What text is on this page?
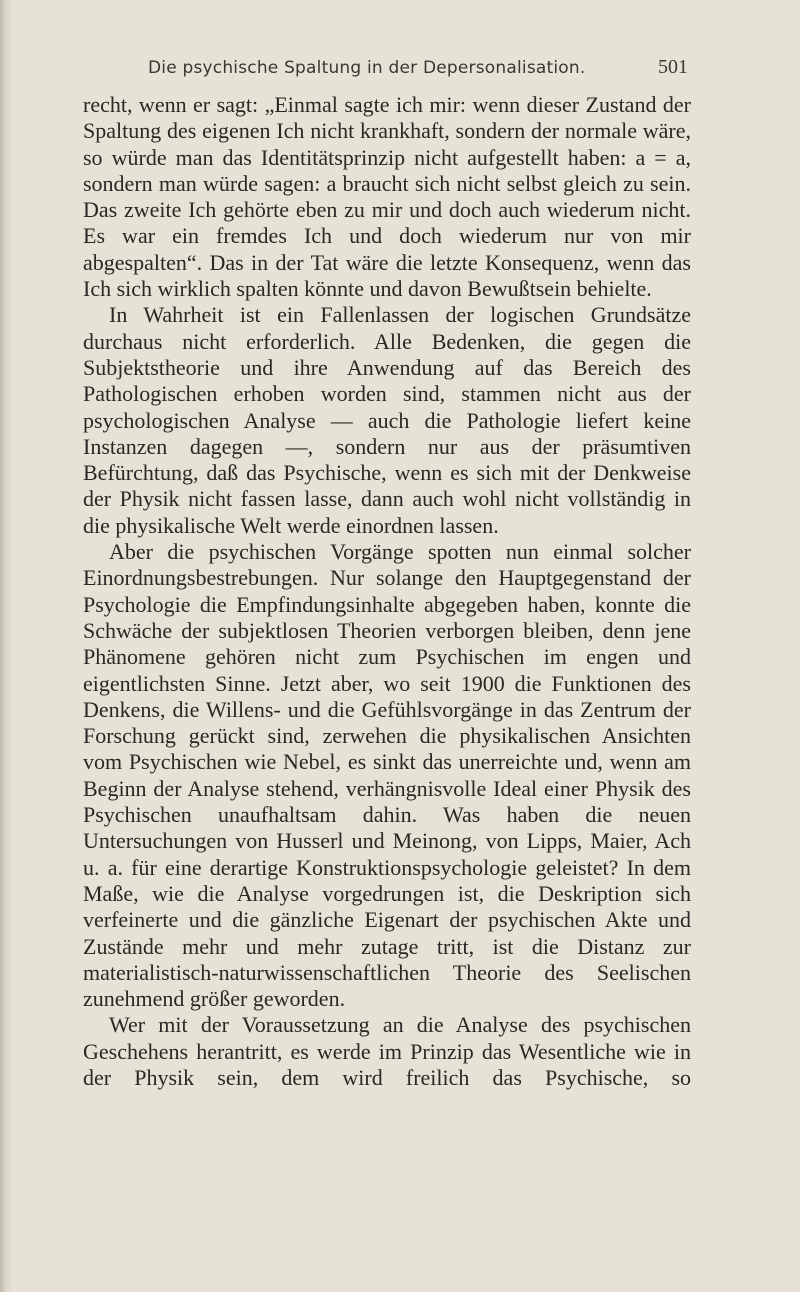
Die psychische Spaltung in der Depersonalisation.	501

recht, wenn er sagt: „Einmal sagte ich mir: wenn dieser Zustand der Spaltung des eigenen Ich nicht krankhaft, sondern der normale wäre, so würde man das Identitätsprinzip nicht aufgestellt haben: a = a, sondern man würde sagen: a braucht sich nicht selbst gleich zu sein. Das zweite Ich gehörte eben zu mir und doch auch wiederum nicht. Es war ein fremdes Ich und doch wiederum nur von mir abgespalten“. Das in der Tat wäre die letzte Konsequenz, wenn das Ich sich wirklich spalten könnte und davon Bewußtsein behielte.

In Wahrheit ist ein Fallenlassen der logischen Grundsätze durchaus nicht erforderlich. Alle Bedenken, die gegen die Subjektstheorie und ihre Anwendung auf das Bereich des Pathologischen erhoben worden sind, stammen nicht aus der psychologischen Analyse — auch die Pathologie liefert keine Instanzen dagegen —, sondern nur aus der präsumtiven Befürchtung, daß das Psychische, wenn es sich mit der Denkweise der Physik nicht fassen lasse, dann auch wohl nicht vollständig in die physikalische Welt werde einordnen lassen.

Aber die psychischen Vorgänge spotten nun einmal solcher Einordnungsbestrebungen. Nur solange den Hauptgegenstand der Psychologie die Empfindungsinhalte abgegeben haben, konnte die Schwäche der subjektlosen Theorien verborgen bleiben, denn jene Phänomene gehören nicht zum Psychischen im engen und eigentlichsten Sinne. Jetzt aber, wo seit 1900 die Funktionen des Denkens, die Willens- und die Gefühlsvorgänge in das Zentrum der Forschung gerückt sind, zerwehen die physikalischen Ansichten vom Psychischen wie Nebel, es sinkt das unerreichte und, wenn am Beginn der Analyse stehend, verhängnisvolle Ideal einer Physik des Psychischen unaufhaltsam dahin. Was haben die neuen Untersuchungen von Husserl und Meinong, von Lipps, Maier, Ach u. a. für eine derartige Konstruktionspsychologie geleistet? In dem Maße, wie die Analyse vorgedrungen ist, die Deskription sich verfeinerte und die gänzliche Eigenart der psychischen Akte und Zustände mehr und mehr zutage tritt, ist die Distanz zur materialistisch-naturwissenschaftlichen Theorie des Seelischen zunehmend größer geworden.

Wer mit der Voraussetzung an die Analyse des psychischen Geschehens herantritt, es werde im Prinzip das Wesentliche wie in der Physik sein, dem wird freilich das Psychische, so
